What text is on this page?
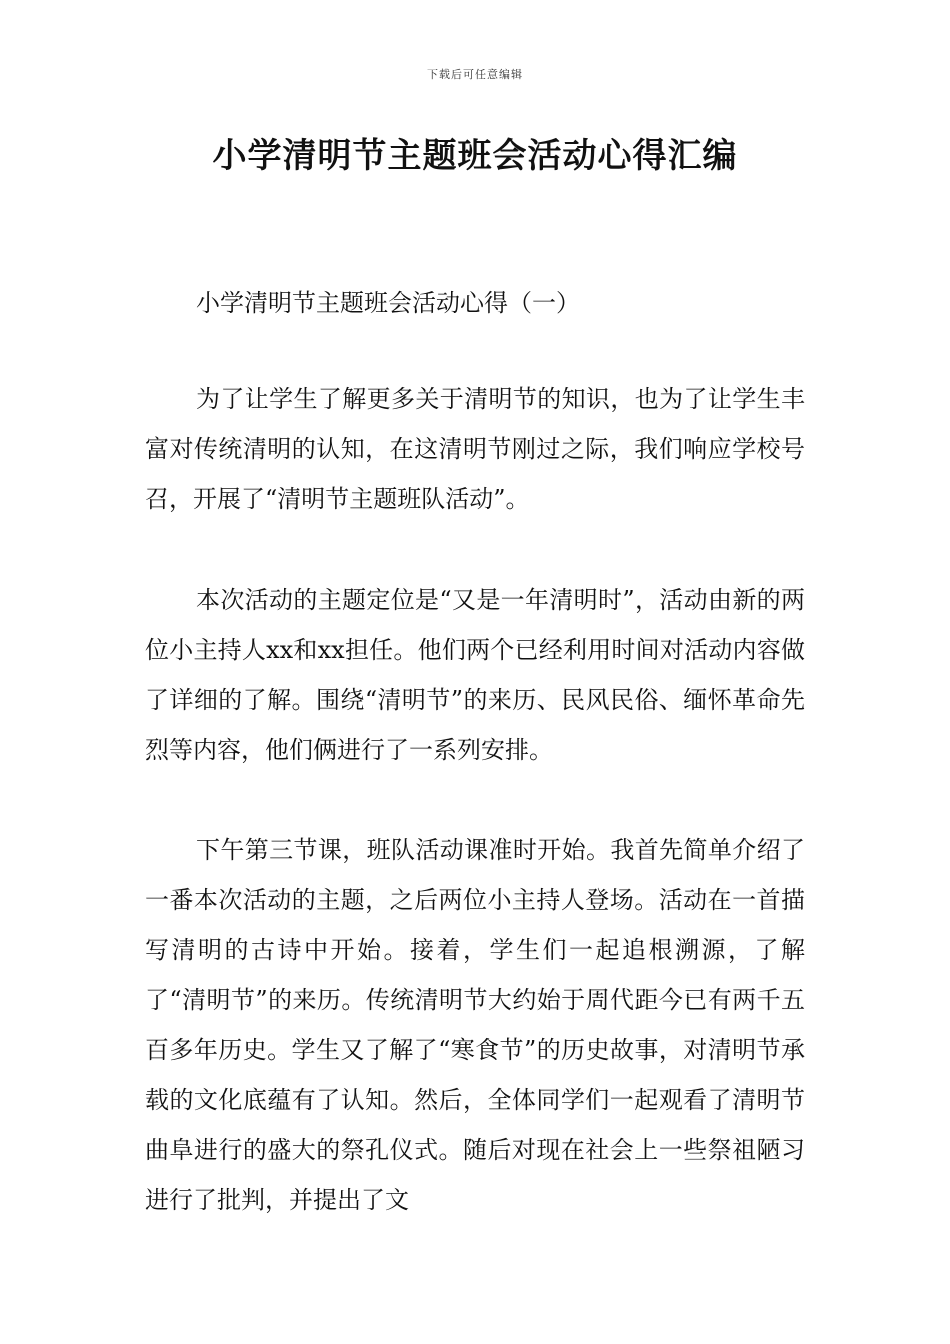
下载后可任意编辑
小学清明节主题班会活动心得汇编
小学清明节主题班会活动心得（一）

为了让学生了解更多关于清明节的知识，也为了让学生丰富对传统清明的认知，在这清明节刚过之际，我们响应学校号召，开展了“清明节主题班队活动”。

本次活动的主题定位是“又是一年清明时”，活动由新的两位小主持人xx和xx担任。他们两个已经利用时间对活动内容做了详细的了解。围绕“清明节”的来历、民风民俗、缅怀革命先烈等内容，他们俩进行了一系列安排。

下午第三节课，班队活动课准时开始。我首先简单介绍了一番本次活动的主题，之后两位小主持人登场。活动在一首描写清明的古诗中开始。接着，学生们一起追根溯源，了解了“清明节”的来历。传统清明节大约始于周代距今已有两千五百多年历史。学生又了解了“寒食节”的历史故事，对清明节承载的文化底蕴有了认知。然后，全体同学们一起观看了清明节曲阜进行的盛大的祭孔仪式。随后对现在社会上一些祭祖陋习进行了批判，并提出了文
